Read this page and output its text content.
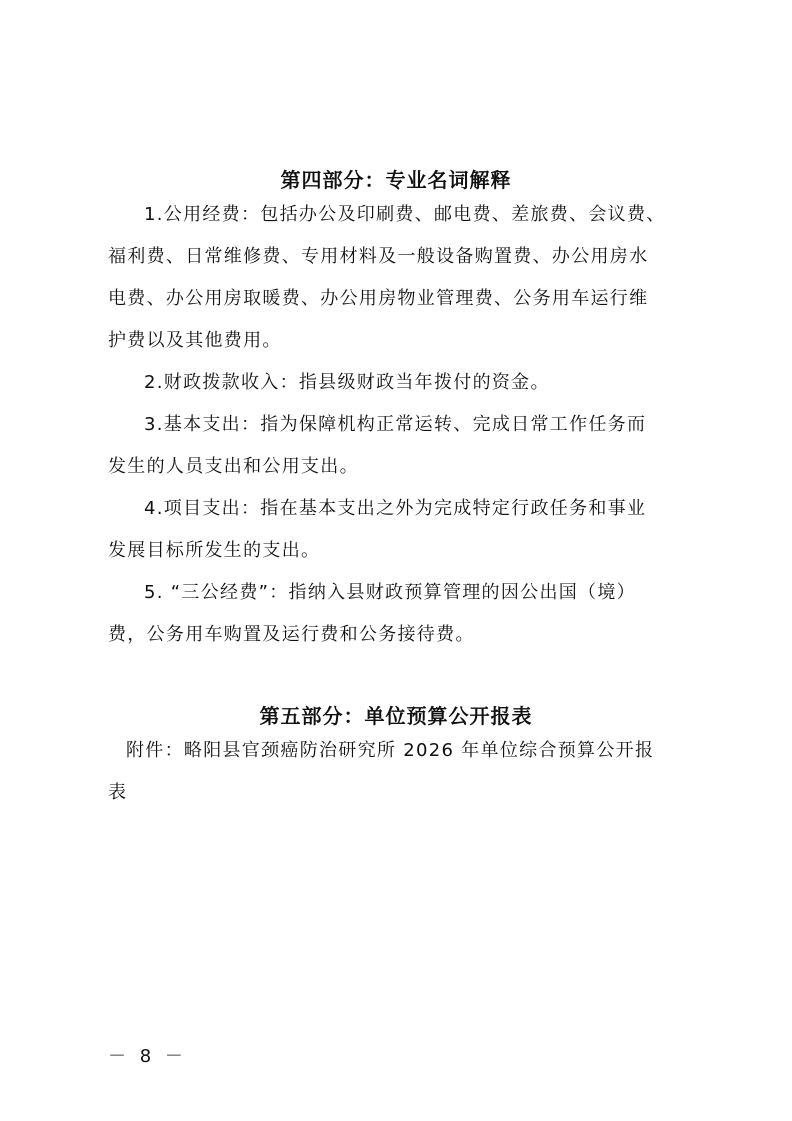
第四部分：专业名词解释
1.公用经费：包括办公及印刷费、邮电费、差旅费、会议费、
福利费、日常维修费、专用材料及一般设备购置费、办公用房水
电费、办公用房取暖费、办公用房物业管理费、公务用车运行维
护费以及其他费用。
2.财政拨款收入：指县级财政当年拨付的资金。
3.基本支出：指为保障机构正常运转、完成日常工作任务而
发生的人员支出和公用支出。
4.项目支出：指在基本支出之外为完成特定行政任务和事业
发展目标所发生的支出。
5. “三公经费”：指纳入县财政预算管理的因公出国（境）
费，公务用车购置及运行费和公务接待费。
第五部分：单位预算公开报表
附件：略阳县官颈癌防治研究所 2026 年单位综合预算公开报
表
－ 8 －
